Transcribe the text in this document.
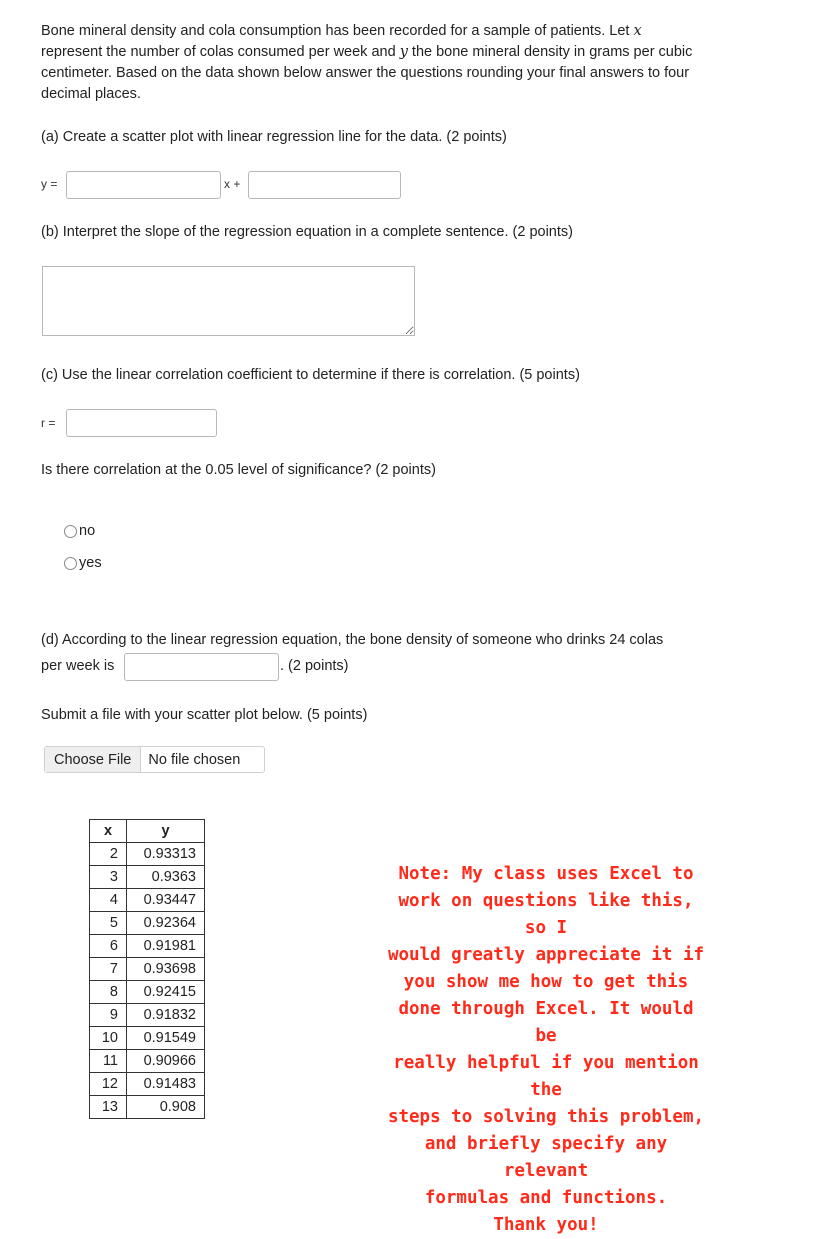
Bone mineral density and cola consumption has been recorded for a sample of patients. Let x
represent the number of colas consumed per week and y the bone mineral density in grams per cubic centimeter. Based on the data shown below answer the questions rounding your final answers to four decimal places.
(a) Create a scatter plot with linear regression line for the data. (2 points)
y =	x +
(b) Interpret the slope of the regression equation in a complete sentence. (2 points)
(c) Use the linear correlation coefficient to determine if there is correlation. (5 points)
r =
Is there correlation at the 0.05 level of significance? (2 points)
no
yes
(d) According to the linear regression equation, the bone density of someone who drinks 24 colas
per week is	. (2 points)
Submit a file with your scatter plot below. (5 points)
Choose File	No file chosen
x	y
2	0.93313
3	0.9363
4	0.93447
5	0.92364
6	0.91981
7	0.93698
8	0.92415
9	0.91832
10	0.91549
11	0.90966
12	0.91483
13	0.908
Note: My class uses Excel to
work on questions like this, so I
would greatly appreciate it if
you show me how to get this
done through Excel. It would be
really helpful if you mention the
steps to solving this problem,
and briefly specify any relevant
formulas and functions.
Thank you!
